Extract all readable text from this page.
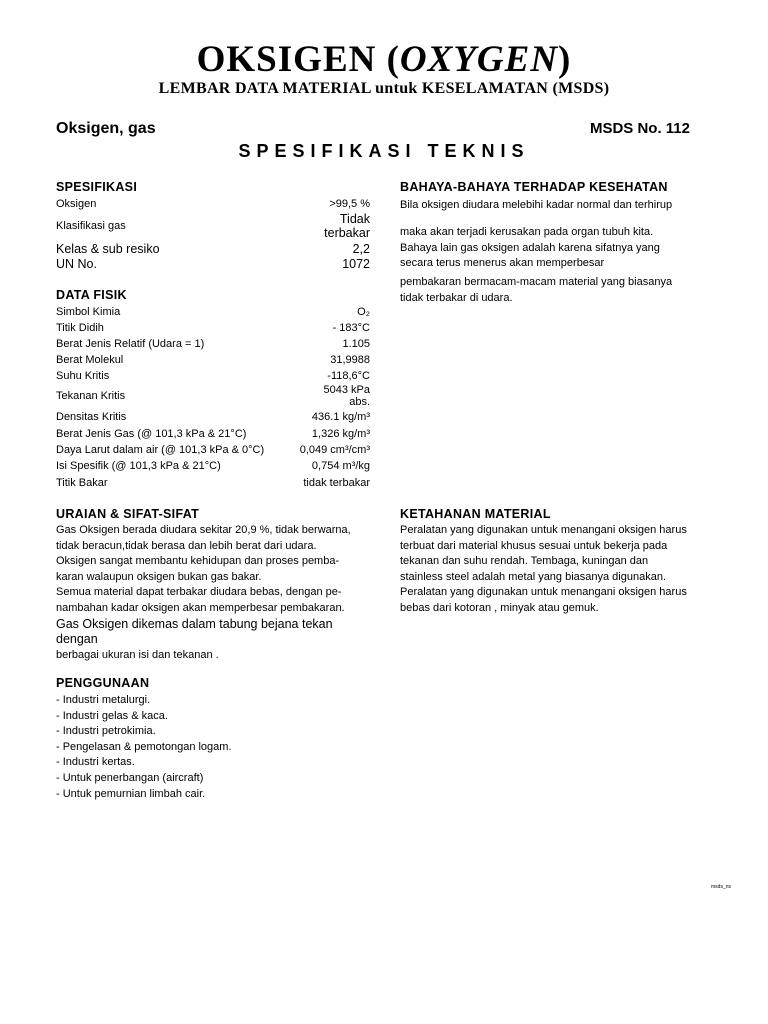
OKSIGEN (OXYGEN)
LEMBAR DATA MATERIAL untuk KESELAMATAN (MSDS)
Oksigen, gas	MSDS No. 112
SPESIFIKASI TEKNIS
SPESIFIKASI
Oksigen	>99,5 %
Klasifikasi gas	Tidak terbakar
Kelas & sub resiko	2,2
UN No.	1072
DATA FISIK
Simbol Kimia	O₂
Titik Didih	- 183°C
Berat Jenis Relatif (Udara = 1)	1.105
Berat Molekul	31,9988
Suhu Kritis	-118,6°C
Tekanan Kritis	5043 kPa abs.
Densitas Kritis	436.1 kg/m³
Berat Jenis Gas (@ 101,3 kPa & 21°C)	1,326 kg/m³
Daya Larut dalam air (@ 101,3 kPa & 0°C)	0,049 cm³/cm³
Isi Spesifik (@ 101,3 kPa & 21°C)	0,754 m³/kg
Titik Bakar	tidak terbakar
BAHAYA-BAHAYA TERHADAP KESEHATAN
Bila oksigen diudara melebihi kadar normal dan terhirup
maka akan terjadi kerusakan pada organ tubuh kita.
Bahaya lain gas oksigen adalah karena sifatnya yang
secara terus menerus akan memperbesar
pembakaran bermacam-macam material yang biasanya
tidak terbakar di udara.
URAIAN & SIFAT-SIFAT
Gas Oksigen berada diudara sekitar 20,9 %, tidak berwarna,
tidak beracun,tidak berasa dan lebih berat dari udara.
Oksigen sangat membantu kehidupan dan proses pemba-
karan walaupun oksigen bukan gas bakar.
Semua material dapat terbakar diudara bebas, dengan pe-
nambahan kadar oksigen akan memperbesar pembakaran.
Gas Oksigen dikemas dalam tabung bejana tekan
dengan
berbagai ukuran isi dan tekanan .
KETAHANAN MATERIAL
Peralatan yang digunakan untuk menangani oksigen harus
terbuat dari material khusus sesuai untuk bekerja pada
tekanan dan suhu rendah. Tembaga, kuningan dan
stainless steel adalah metal yang biasanya digunakan.
Peralatan yang digunakan untuk menangani oksigen harus
bebas dari kotoran , minyak atau gemuk.
PENGGUNAAN
- Industri metalurgi.
- Industri gelas & kaca.
- Industri petrokimia.
- Pengelasan & pemotongan logam.
- Industri kertas.
- Untuk penerbangan (aircraft)
- Untuk pemurnian limbah cair.
msds_ns
